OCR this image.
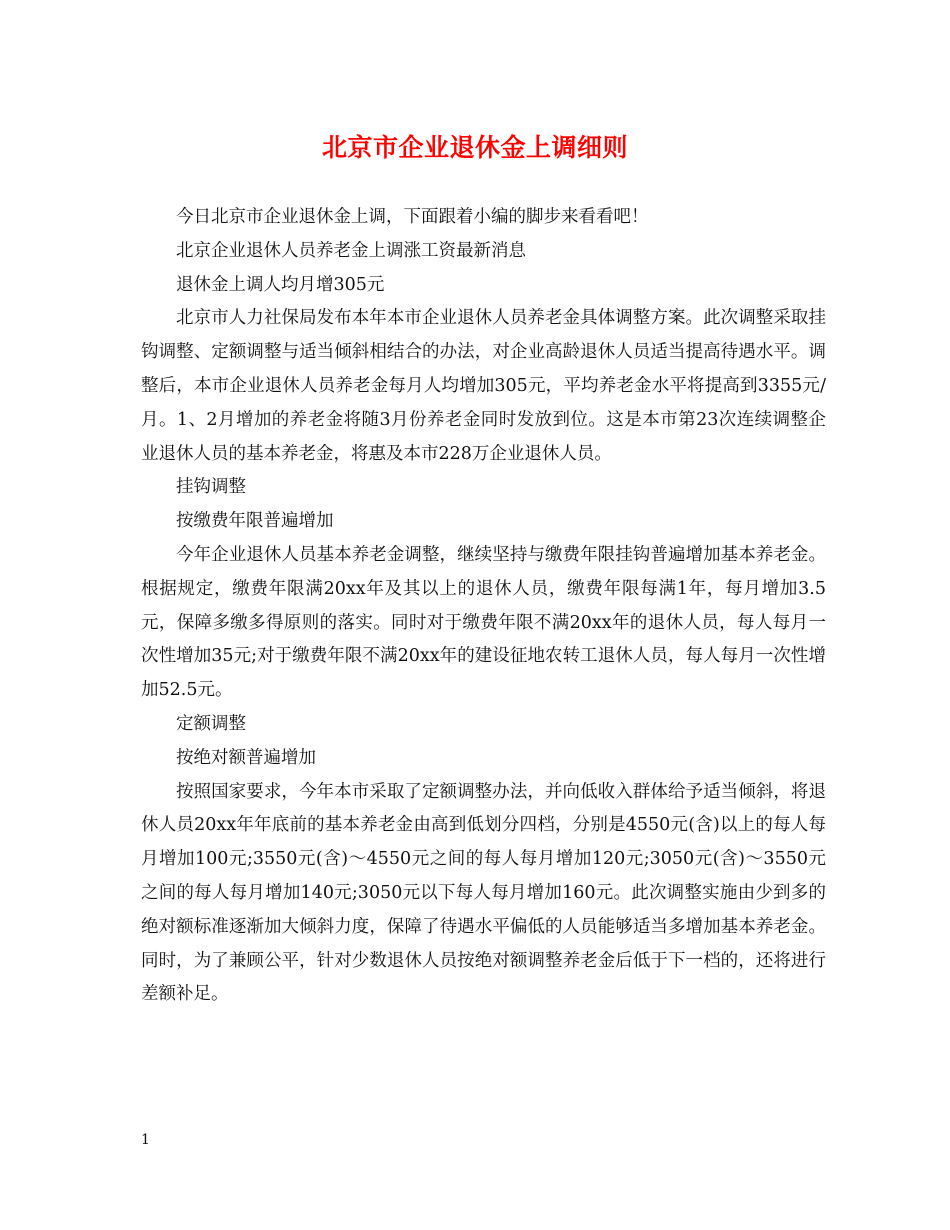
北京市企业退休金上调细则

今日北京市企业退休金上调，下面跟着小编的脚步来看看吧！

北京企业退休人员养老金上调涨工资最新消息

退休金上调人均月增305元

北京市人力社保局发布本年本市企业退休人员养老金具体调整方案。此次调整采取挂钩调整、定额调整与适当倾斜相结合的办法，对企业高龄退休人员适当提高待遇水平。调整后，本市企业退休人员养老金每月人均增加305元，平均养老金水平将提高到3355元/月。1、2月增加的养老金将随3月份养老金同时发放到位。这是本市第23次连续调整企业退休人员的基本养老金，将惠及本市228万企业退休人员。

挂钩调整

按缴费年限普遍增加

今年企业退休人员基本养老金调整，继续坚持与缴费年限挂钩普遍增加基本养老金。根据规定，缴费年限满20xx年及其以上的退休人员，缴费年限每满1年，每月增加3.5元，保障多缴多得原则的落实。同时对于缴费年限不满20xx年的退休人员，每人每月一次性增加35元;对于缴费年限不满20xx年的建设征地农转工退休人员，每人每月一次性增加52.5元。

定额调整

按绝对额普遍增加

按照国家要求，今年本市采取了定额调整办法，并向低收入群体给予适当倾斜，将退休人员20xx年年底前的基本养老金由高到低划分四档，分别是4550元(含)以上的每人每月增加100元;3550元(含)～4550元之间的每人每月增加120元;3050元(含)～3550元之间的每人每月增加140元;3050元以下每人每月增加160元。此次调整实施由少到多的绝对额标准逐渐加大倾斜力度，保障了待遇水平偏低的人员能够适当多增加基本养老金。同时，为了兼顾公平，针对少数退休人员按绝对额调整养老金后低于下一档的，还将进行差额补足。

1
